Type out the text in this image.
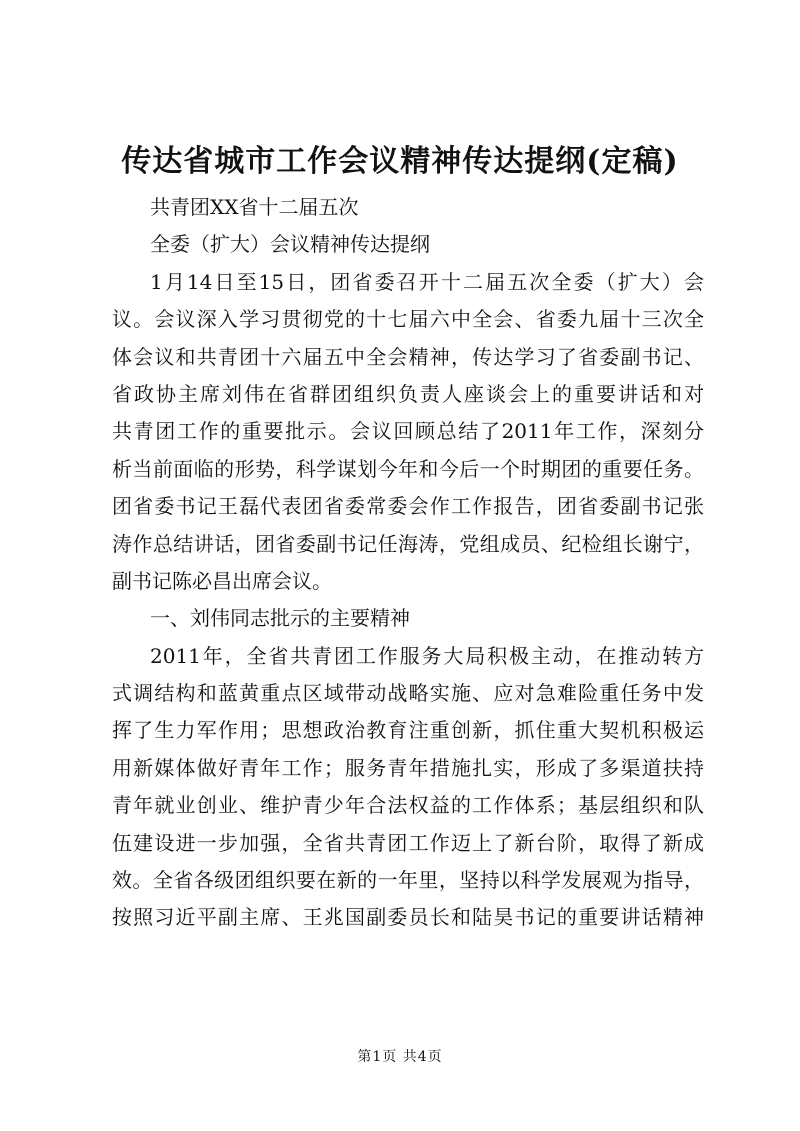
传达省城市工作会议精神传达提纲(定稿)
共青团XX省十二届五次
全委（扩大）会议精神传达提纲
1月14日至15日，团省委召开十二届五次全委（扩大）会
议。会议深入学习贯彻党的十七届六中全会、省委九届十三次全
体会议和共青团十六届五中全会精神，传达学习了省委副书记、
省政协主席刘伟在省群团组织负责人座谈会上的重要讲话和对
共青团工作的重要批示。会议回顾总结了2011年工作，深刻分
析当前面临的形势，科学谋划今年和今后一个时期团的重要任务。
团省委书记王磊代表团省委常委会作工作报告，团省委副书记张
涛作总结讲话，团省委副书记任海涛，党组成员、纪检组长谢宁，
副书记陈必昌出席会议。
一、刘伟同志批示的主要精神
2011年，全省共青团工作服务大局积极主动，在推动转方
式调结构和蓝黄重点区域带动战略实施、应对急难险重任务中发
挥了生力军作用；思想政治教育注重创新，抓住重大契机积极运
用新媒体做好青年工作；服务青年措施扎实，形成了多渠道扶持
青年就业创业、维护青少年合法权益的工作体系；基层组织和队
伍建设进一步加强，全省共青团工作迈上了新台阶，取得了新成
效。全省各级团组织要在新的一年里，坚持以科学发展观为指导，
按照习近平副主席、王兆国副委员长和陆昊书记的重要讲话精神
第1页 共4页
